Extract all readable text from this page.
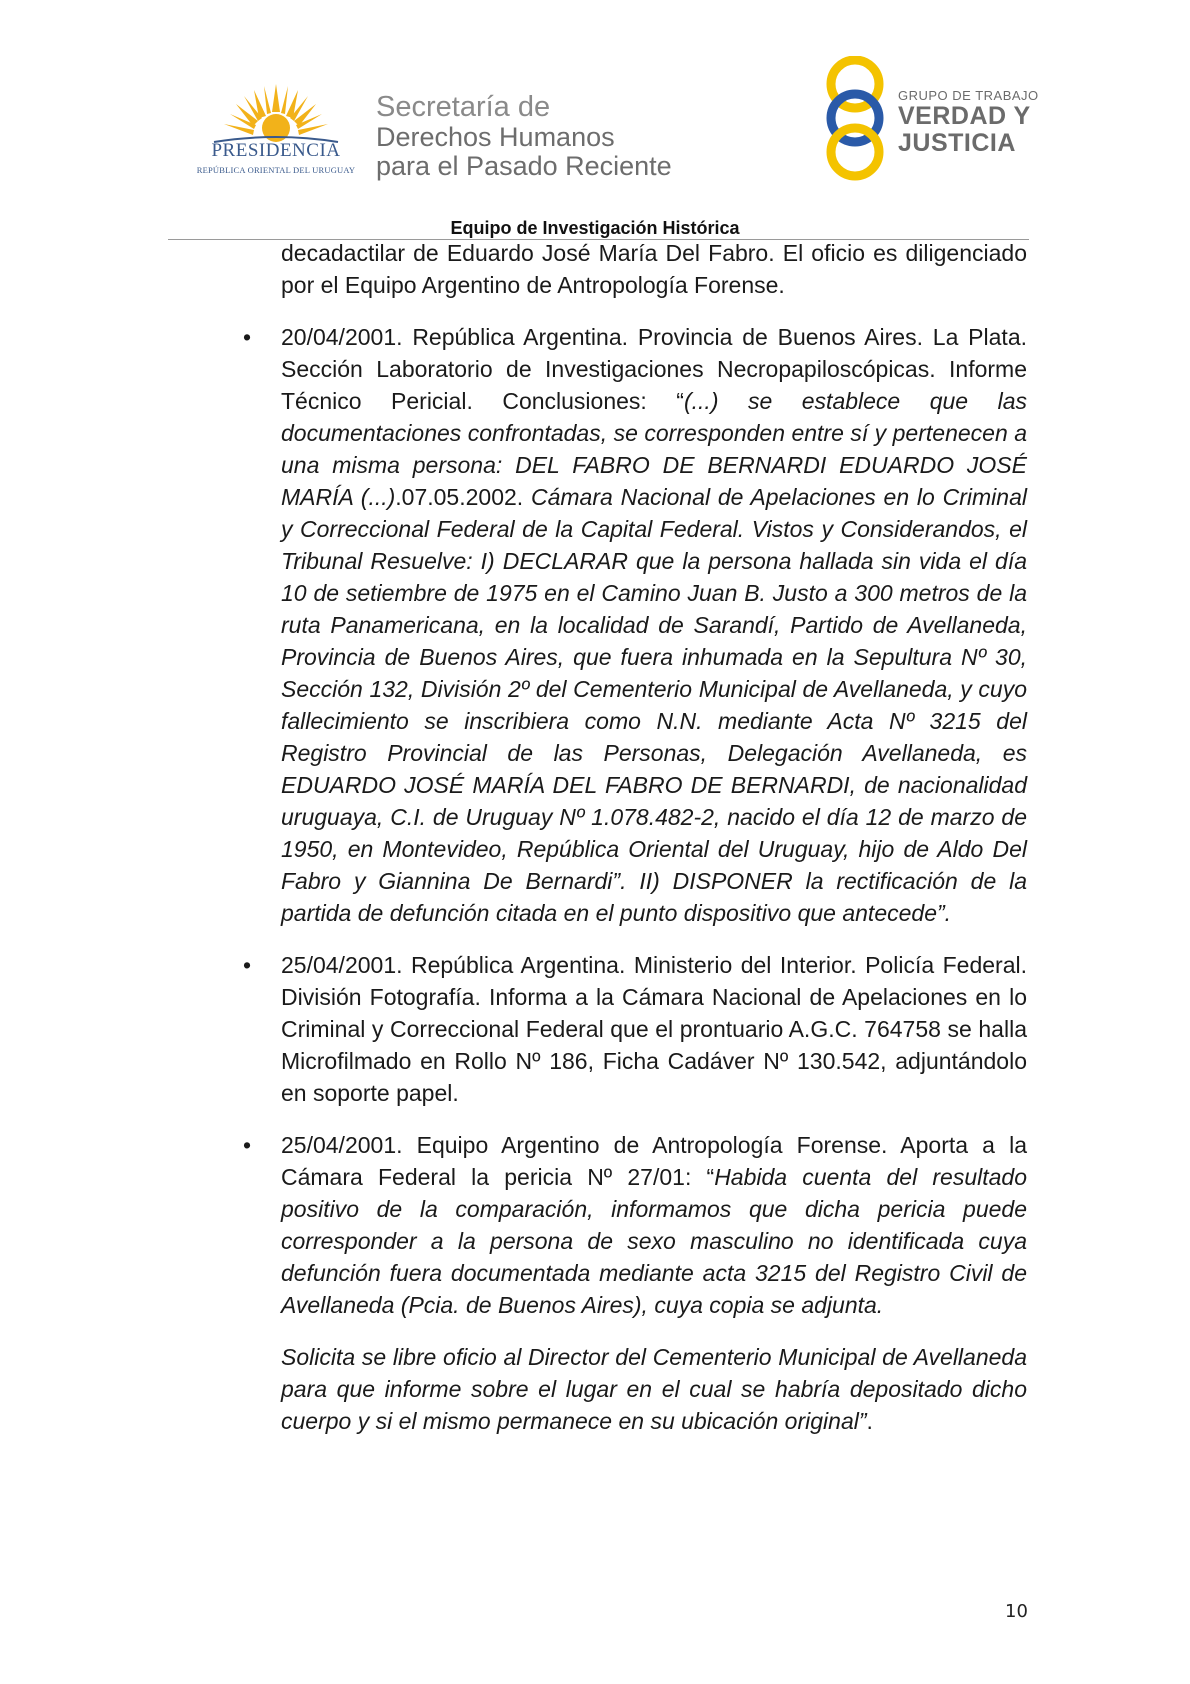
PRESIDENCIA
REPÚBLICA ORIENTAL DEL URUGUAY
Secretaría de
Derechos Humanos
para el Pasado Reciente
GRUPO DE TRABAJO
VERDAD Y
JUSTICIA
Equipo de Investigación Histórica

decadactilar de Eduardo José María Del Fabro. El oficio es diligenciado por el Equipo Argentino de Antropología Forense.

•	20/04/2001. República Argentina. Provincia de Buenos Aires. La Plata. Sección Laboratorio de Investigaciones Necropapiloscópicas. Informe Técnico Pericial. Conclusiones: “(...) se establece que las documentaciones confrontadas, se corresponden entre sí y pertenecen a una misma persona: DEL FABRO DE BERNARDI EDUARDO JOSÉ MARÍA (...).07.05.2002. Cámara Nacional de Apelaciones en lo Criminal y Correccional Federal de la Capital Federal. Vistos y Considerandos, el Tribunal Resuelve: I) DECLARAR que la persona hallada sin vida el día 10 de setiembre de 1975 en el Camino Juan B. Justo a 300 metros de la ruta Panamericana, en la localidad de Sarandí, Partido de Avellaneda, Provincia de Buenos Aires, que fuera inhumada en la Sepultura Nº 30, Sección 132, División 2º del Cementerio Municipal de Avellaneda, y cuyo fallecimiento se inscribiera como N.N. mediante Acta Nº 3215 del Registro Provincial de las Personas, Delegación Avellaneda, es EDUARDO JOSÉ MARÍA DEL FABRO DE BERNARDI, de nacionalidad uruguaya, C.I. de Uruguay Nº 1.078.482-2, nacido el día 12 de marzo de 1950, en Montevideo, República Oriental del Uruguay, hijo de Aldo Del Fabro y Giannina De Bernardi”. II) DISPONER la rectificación de la partida de defunción citada en el punto dispositivo que antecede”.

•	25/04/2001. República Argentina. Ministerio del Interior. Policía Federal. División Fotografía. Informa a la Cámara Nacional de Apelaciones en lo Criminal y Correccional Federal que el prontuario A.G.C. 764758 se halla Microfilmado en Rollo Nº 186, Ficha Cadáver Nº 130.542, adjuntándolo en soporte papel.

•	25/04/2001. Equipo Argentino de Antropología Forense. Aporta a la Cámara Federal la pericia Nº 27/01: “Habida cuenta del resultado positivo de la comparación, informamos que dicha pericia puede corresponder a la persona de sexo masculino no identificada cuya defunción fuera documentada mediante acta 3215 del Registro Civil de Avellaneda (Pcia. de Buenos Aires), cuya copia se adjunta.

Solicita se libre oficio al Director del Cementerio Municipal de Avellaneda para que informe sobre el lugar en el cual se habría depositado dicho cuerpo y si el mismo permanece en su ubicación original”.

10
